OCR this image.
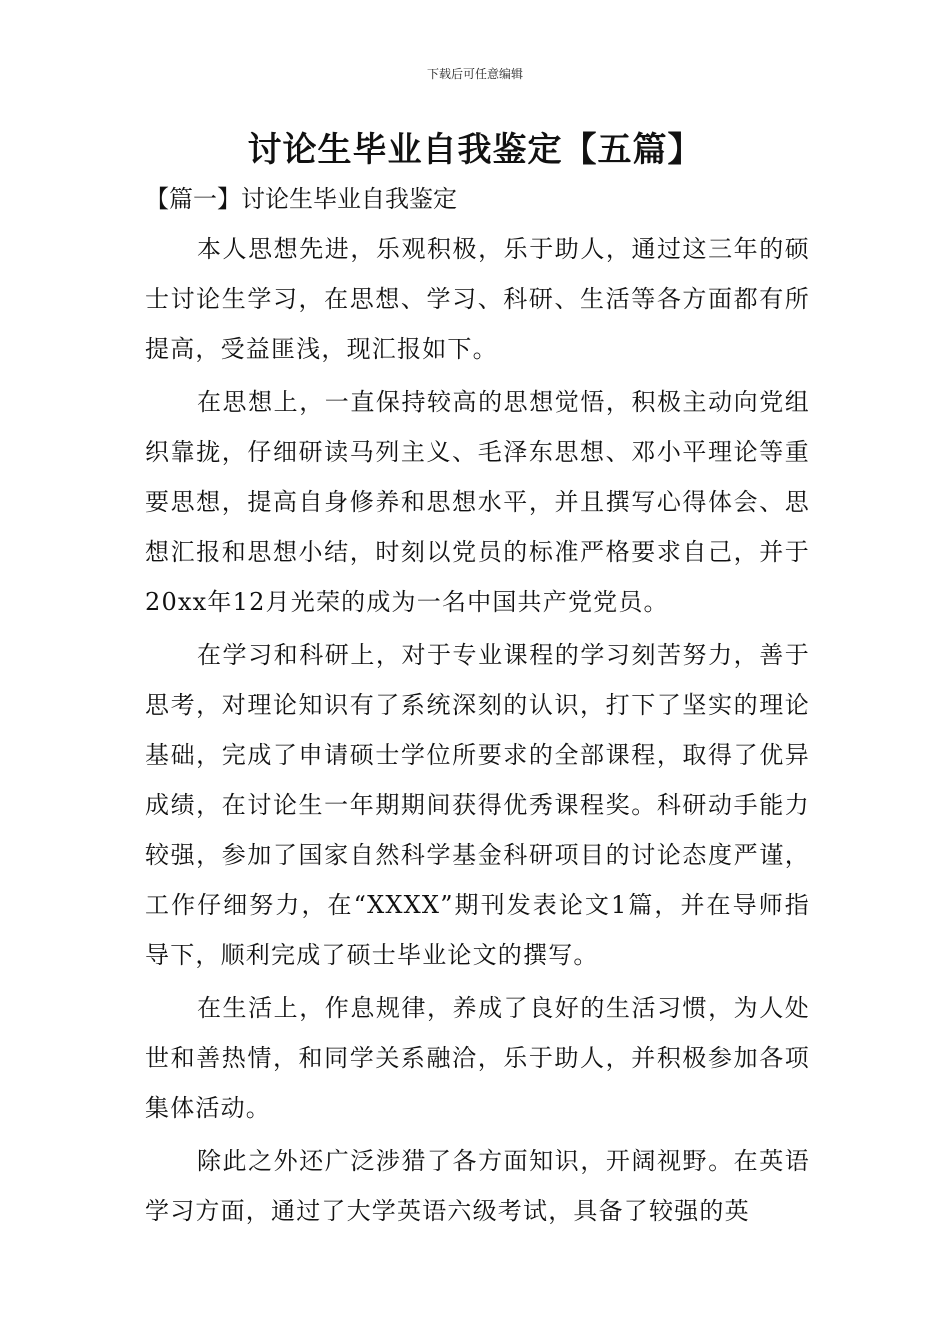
下载后可任意编辑
讨论生毕业自我鉴定【五篇】
【篇一】讨论生毕业自我鉴定

本人思想先进，乐观积极，乐于助人，通过这三年的硕士讨论生学习，在思想、学习、科研、生活等各方面都有所提高，受益匪浅，现汇报如下。

在思想上，一直保持较高的思想觉悟，积极主动向党组织靠拢，仔细研读马列主义、毛泽东思想、邓小平理论等重要思想，提高自身修养和思想水平，并且撰写心得体会、思想汇报和思想小结，时刻以党员的标准严格要求自己，并于20xx年12月光荣的成为一名中国共产党党员。

在学习和科研上，对于专业课程的学习刻苦努力，善于思考，对理论知识有了系统深刻的认识，打下了坚实的理论基础，完成了申请硕士学位所要求的全部课程，取得了优异成绩，在讨论生一年期期间获得优秀课程奖。科研动手能力较强，参加了国家自然科学基金科研项目的讨论态度严谨，工作仔细努力，在“XXXX”期刊发表论文1篇，并在导师指导下，顺利完成了硕士毕业论文的撰写。

在生活上，作息规律，养成了良好的生活习惯，为人处世和善热情，和同学关系融洽，乐于助人，并积极参加各项集体活动。

除此之外还广泛涉猎了各方面知识，开阔视野。在英语学习方面，通过了大学英语六级考试，具备了较强的英
